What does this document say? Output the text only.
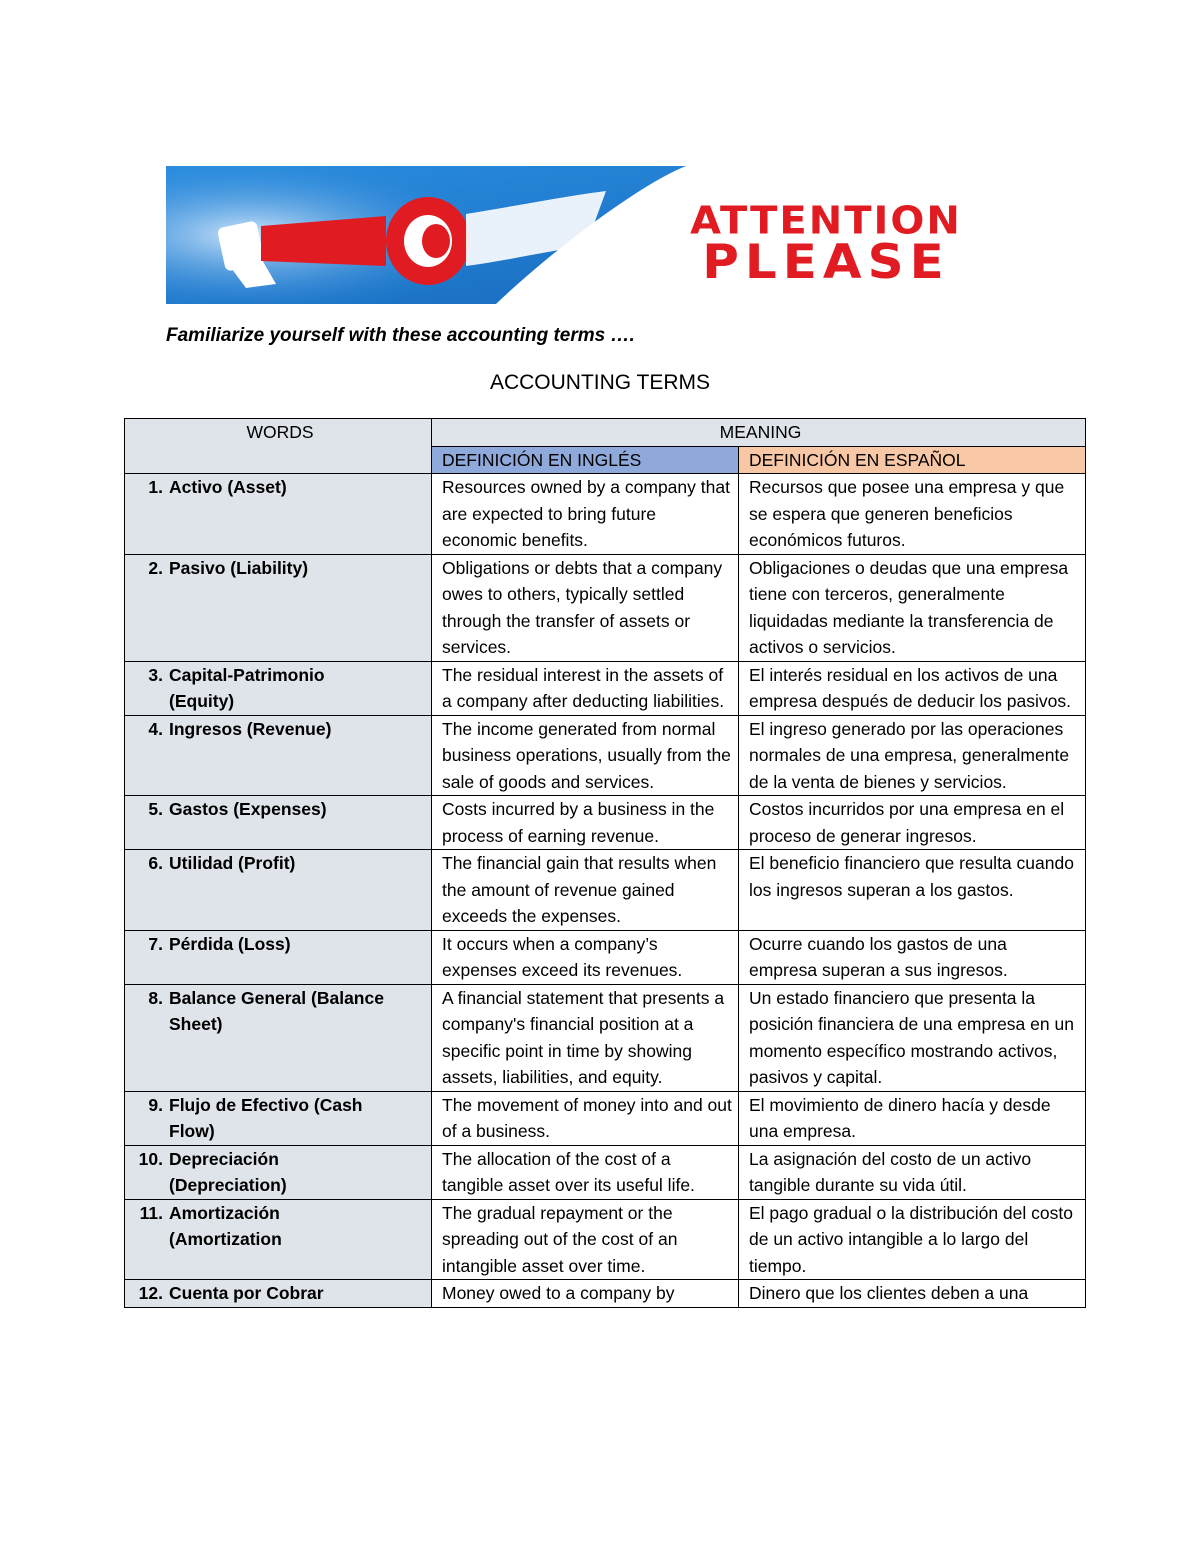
ATTENTION
PLEASE
Familiarize yourself with these accounting terms ….
ACCOUNTING TERMS
WORDS	MEANING	
	DEFINICIÓN EN INGLÉS	DEFINICIÓN EN ESPAÑOL
1. Activo (Asset)	Resources owned by a company that are expected to bring future economic benefits.	Recursos que posee una empresa y que se espera que generen beneficios económicos futuros.
2. Pasivo (Liability)	Obligations or debts that a company owes to others, typically settled through the transfer of assets or services.	Obligaciones o deudas que una empresa tiene con terceros, generalmente liquidadas mediante la transferencia de activos o servicios.
3. Capital-Patrimonio (Equity)	The residual interest in the assets of a company after deducting liabilities.	El interés residual en los activos de una empresa después de deducir los pasivos.
4. Ingresos (Revenue)	The income generated from normal business operations, usually from the sale of goods and services.	El ingreso generado por las operaciones normales de una empresa, generalmente de la venta de bienes y servicios.
5. Gastos (Expenses)	Costs incurred by a business in the process of earning revenue.	Costos incurridos por una empresa en el proceso de generar ingresos.
6. Utilidad (Profit)	The financial gain that results when the amount of revenue gained exceeds the expenses.	El beneficio financiero que resulta cuando los ingresos superan a los gastos.
7. Pérdida (Loss)	It occurs when a company’s expenses exceed its revenues.	Ocurre cuando los gastos de una empresa superan a sus ingresos.
8. Balance General (Balance Sheet)	A financial statement that presents a company's financial position at a specific point in time by showing assets, liabilities, and equity.	Un estado financiero que presenta la posición financiera de una empresa en un momento específico mostrando activos, pasivos y capital.
9. Flujo de Efectivo (Cash Flow)	The movement of money into and out of a business.	El movimiento de dinero hacía y desde una empresa.
10. Depreciación (Depreciation)	The allocation of the cost of a tangible asset over its useful life.	La asignación del costo de un activo tangible durante su vida útil.
11. Amortización (Amortization	The gradual repayment or the spreading out of the cost of an intangible asset over time.	El pago gradual o la distribución del costo de un activo intangible a lo largo del tiempo.
12. Cuenta por Cobrar	Money owed to a company by	Dinero que los clientes deben a una
